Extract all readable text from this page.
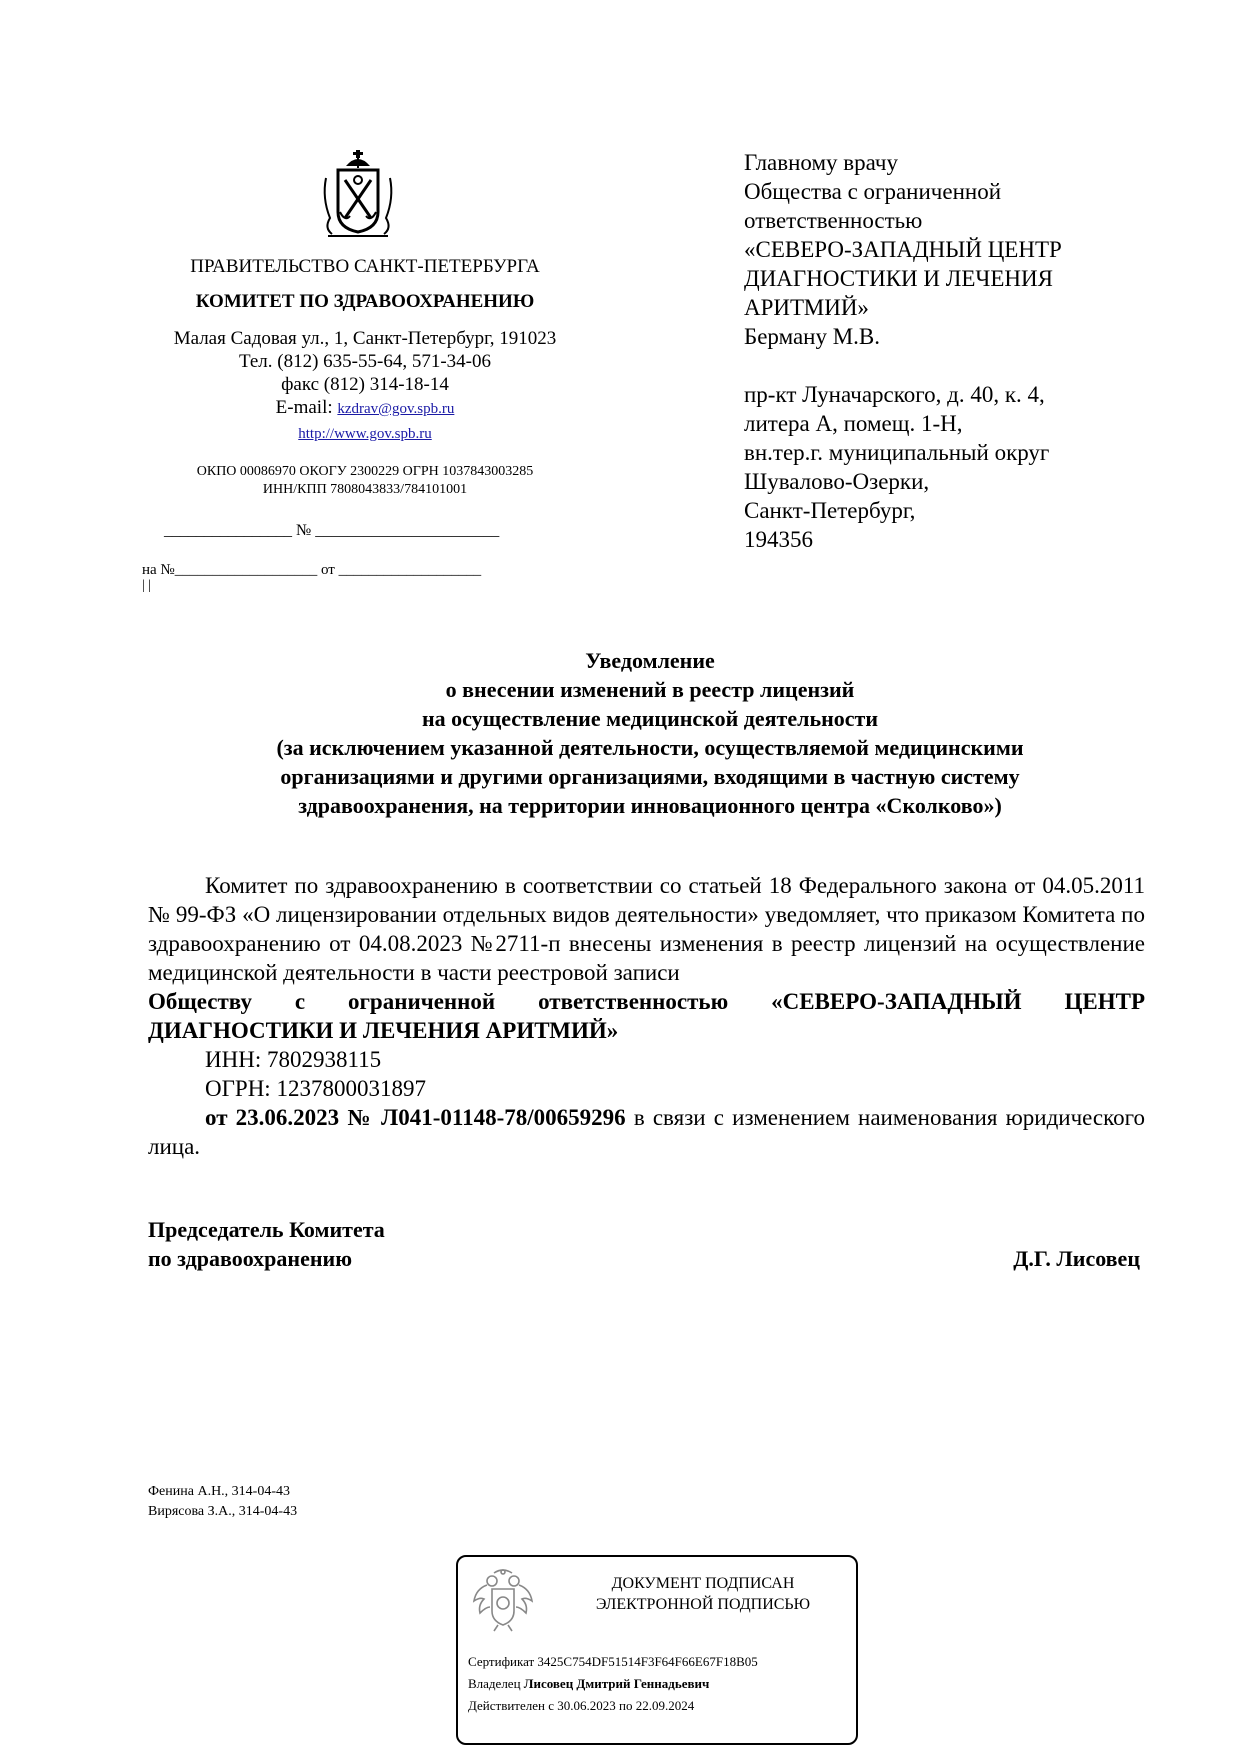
ПРАВИТЕЛЬСТВО САНКТ-ПЕТЕРБУРГА
КОМИТЕТ ПО ЗДРАВООХРАНЕНИЮ
Малая Садовая ул., 1, Санкт-Петербург, 191023
Тел. (812) 635-55-64, 571-34-06
факс (812) 314-18-14
E-mail: kzdrav@gov.spb.ru
http://www.gov.spb.ru
ОКПО 00086970 ОКОГУ 2300229 ОГРН 1037843003285
ИНН/КПП 7808043833/784101001
________________ № _______________________
на №___________________ от ___________________
| |
Главному врачу
Общества с ограниченной
ответственностью
«СЕВЕРО-ЗАПАДНЫЙ ЦЕНТР
ДИАГНОСТИКИ И ЛЕЧЕНИЯ
АРИТМИЙ»
Берману М.В.
пр-кт Луначарского, д. 40, к. 4,
литера А, помещ. 1-Н,
вн.тер.г. муниципальный округ
Шувалово-Озерки,
Санкт-Петербург,
194356
Уведомление
о внесении изменений в реестр лицензий
на осуществление медицинской деятельности
(за исключением указанной деятельности, осуществляемой медицинскими
организациями и другими организациями, входящими в частную систему
здравоохранения, на территории инновационного центра «Сколково»)

Комитет по здравоохранению в соответствии со статьей 18 Федерального закона от 04.05.2011 № 99-ФЗ «О лицензировании отдельных видов деятельности» уведомляет, что приказом Комитета по здравоохранению от 04.08.2023 №2711-п внесены изменения в реестр лицензий на осуществление медицинской деятельности в части реестровой записи

Обществу с ограниченной ответственностью «СЕВЕРО-ЗАПАДНЫЙ ЦЕНТР

ДИАГНОСТИКИ И ЛЕЧЕНИЯ АРИТМИЙ»

ИНН: 7802938115

ОГРН: 1237800031897

от 23.06.2023 № Л041-01148-78/00659296 в связи с изменением наименования юридического лица.

Председатель Комитета
по здравоохранению	Д.Г. Лисовец
Фенина А.Н., 314-04-43
Вирясова З.А., 314-04-43
ДОКУМЕНТ ПОДПИСАН
ЭЛЕКТРОННОЙ ПОДПИСЬЮ
Сертификат 3425C754DF51514F3F64F66E67F18B05
Владелец Лисовец Дмитрий Геннадьевич
Действителен с 30.06.2023 по 22.09.2024
